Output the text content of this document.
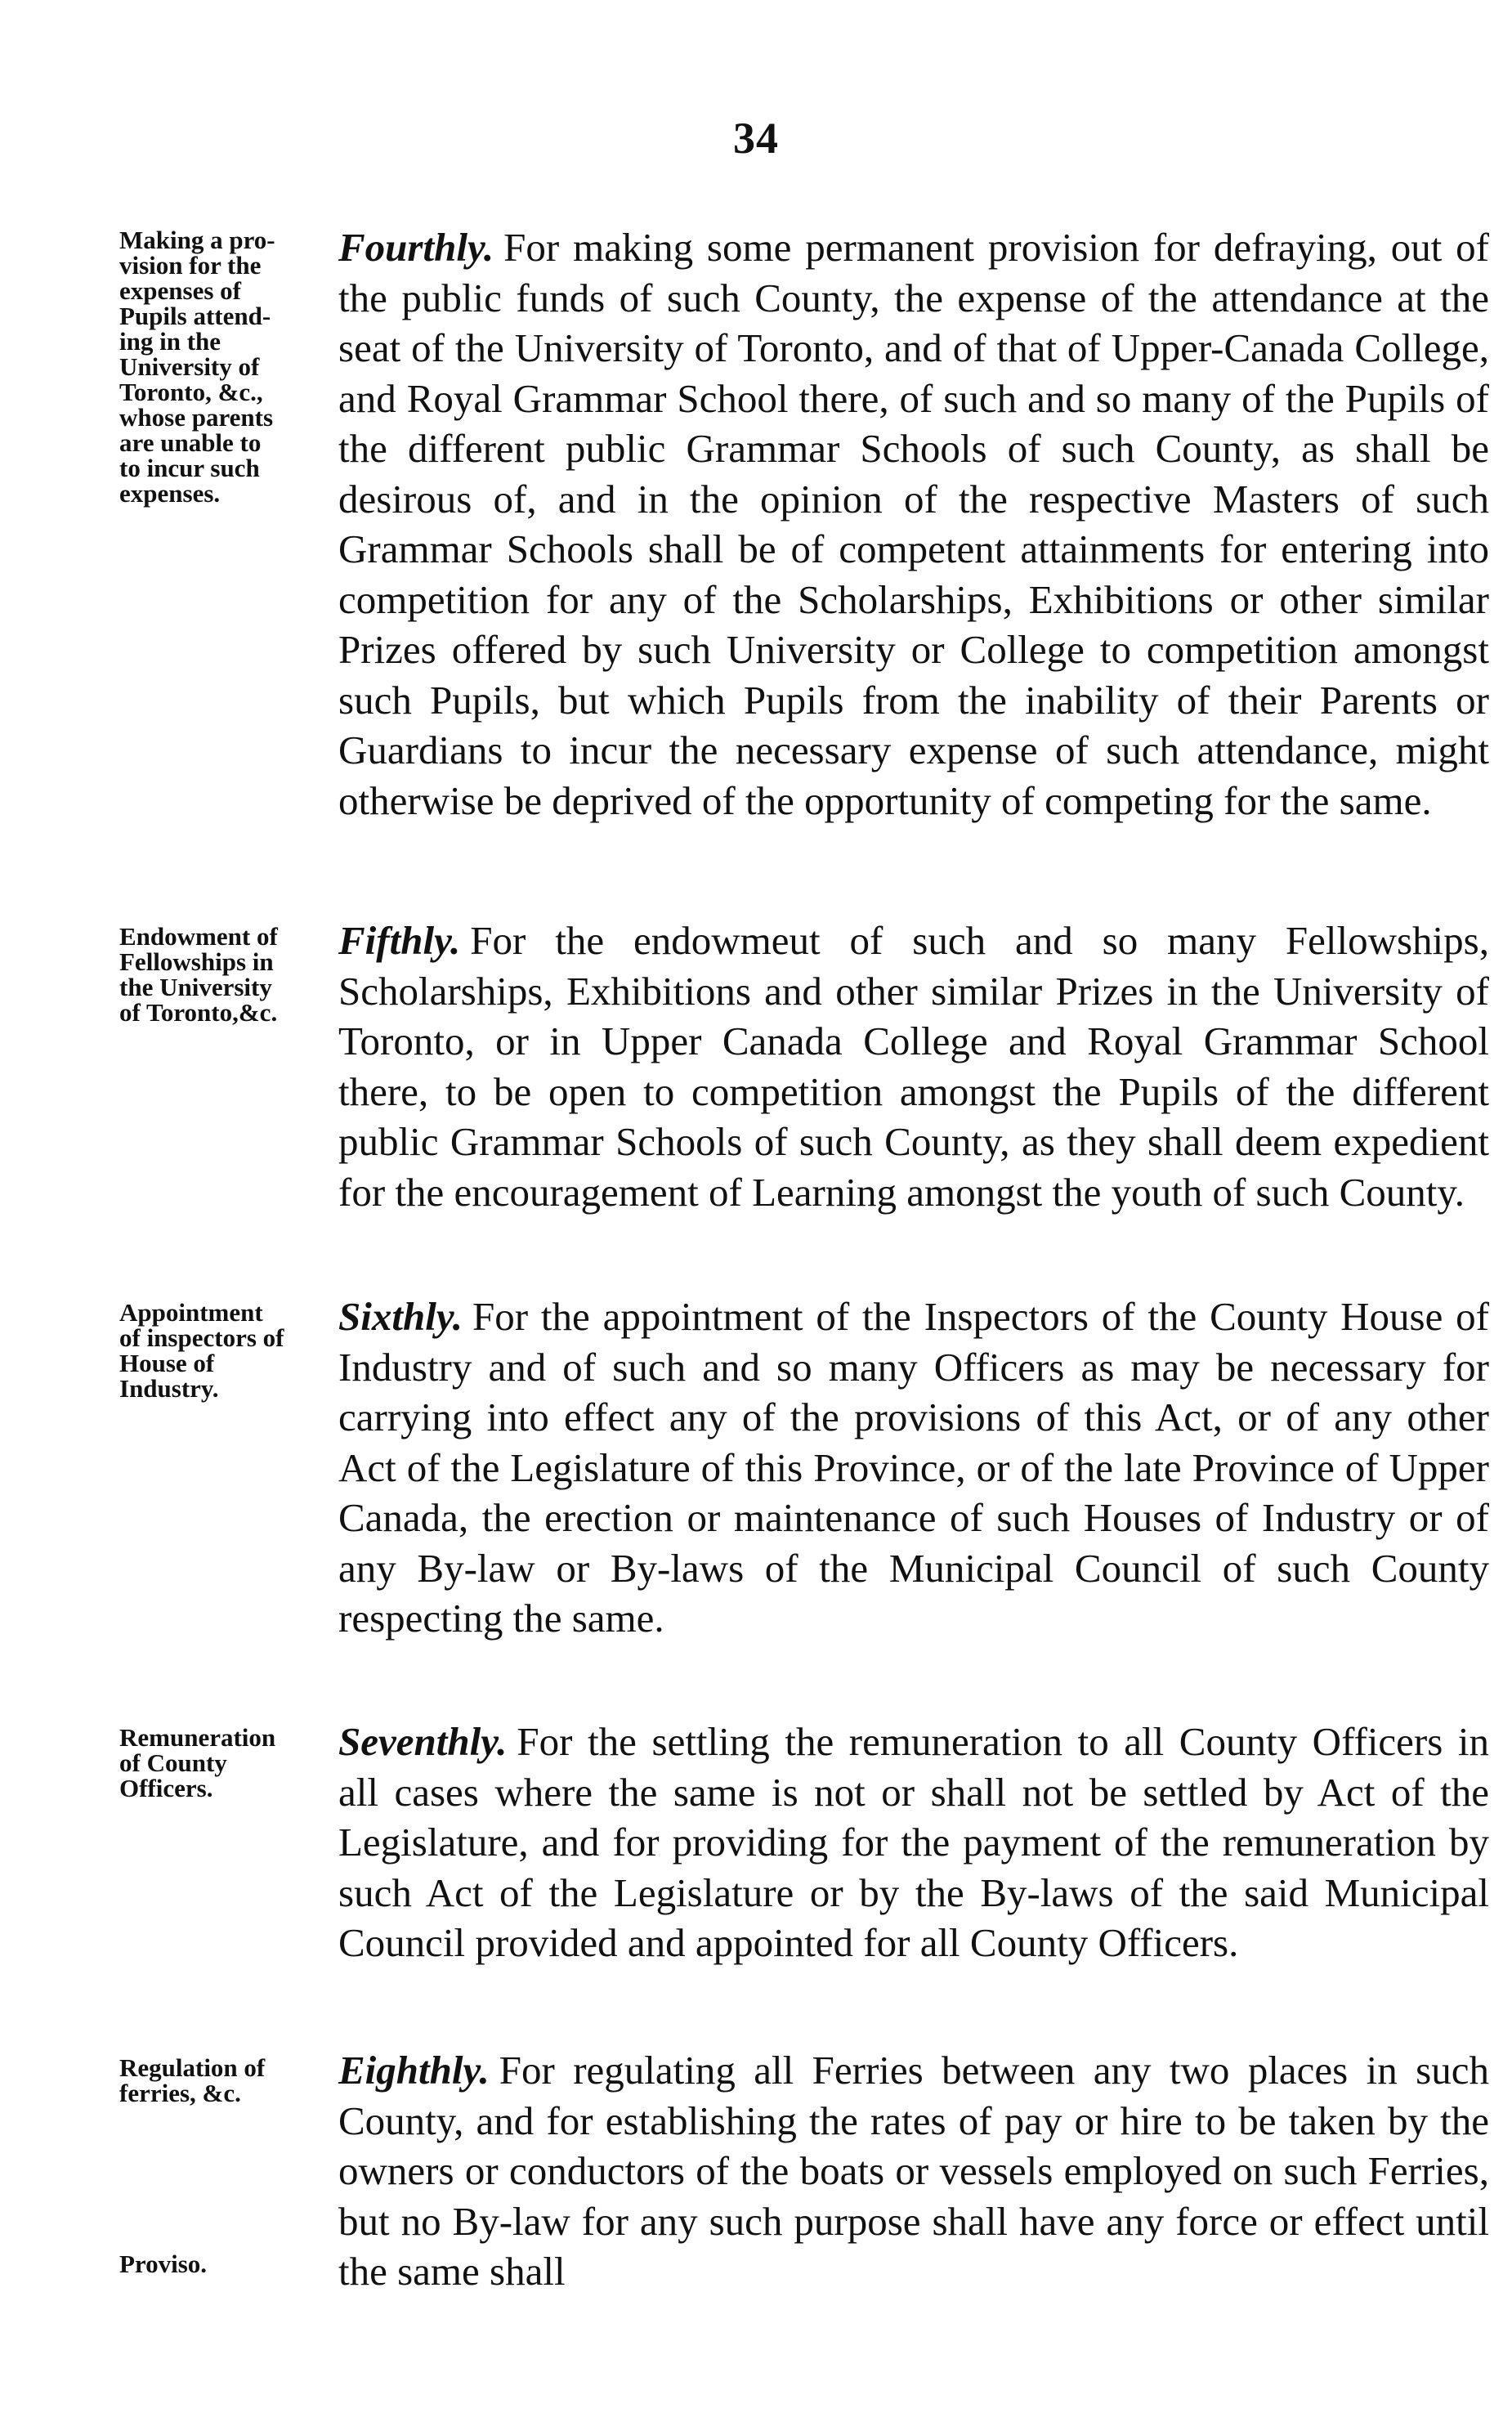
34
Making a pro-
vision for the
expenses of
Pupils attend-
ing in the
University of
Toronto, &c.,
whose parents
are unable to
to incur such
expenses.
Fourthly. For making some permanent provision for defraying, out of the public funds of such County, the expense of the attendance at the seat of the University of Toronto, and of that of Upper-Canada College, and Royal Grammar School there, of such and so many of the Pupils of the different public Grammar Schools of such County, as shall be desirous of, and in the opinion of the respective Masters of such Grammar Schools shall be of competent attainments for entering into competition for any of the Scholarships, Exhibitions or other similar Prizes offered by such University or College to competition amongst such Pupils, but which Pupils from the inability of their Parents or Guardians to incur the necessary expense of such attendance, might otherwise be deprived of the opportunity of competing for the same.
Endowment of
Fellowships in
the University
of Toronto,&c.
Fifthly. For the endowmeut of such and so many Fellowships, Scholarships, Exhibitions and other similar Prizes in the University of Toronto, or in Upper Canada College and Royal Grammar School there, to be open to competition amongst the Pupils of the different public Grammar Schools of such County, as they shall deem expedient for the encouragement of Learning amongst the youth of such County.
Appointment
of inspectors of
House of
Industry.
Sixthly. For the appointment of the Inspectors of the County House of Industry and of such and so many Officers as may be necessary for carrying into effect any of the provisions of this Act, or of any other Act of the Legislature of this Province, or of the late Province of Upper Canada, the erection or maintenance of such Houses of Industry or of any By-law or By-laws of the Municipal Council of such County respecting the same.
Remuneration
of County
Officers.
Seventhly. For the settling the remuneration to all County Officers in all cases where the same is not or shall not be settled by Act of the Legislature, and for providing for the payment of the remuneration by such Act of the Legislature or by the By-laws of the said Municipal Council provided and appointed for all County Officers.
Regulation of
ferries, &c.
Eighthly. For regulating all Ferries between any two places in such County, and for establishing the rates of pay or hire to be taken by the owners or conductors of the boats or vessels employed on such Ferries, but no By-law for any such purpose shall have any force or effect until the same shall
Proviso.
